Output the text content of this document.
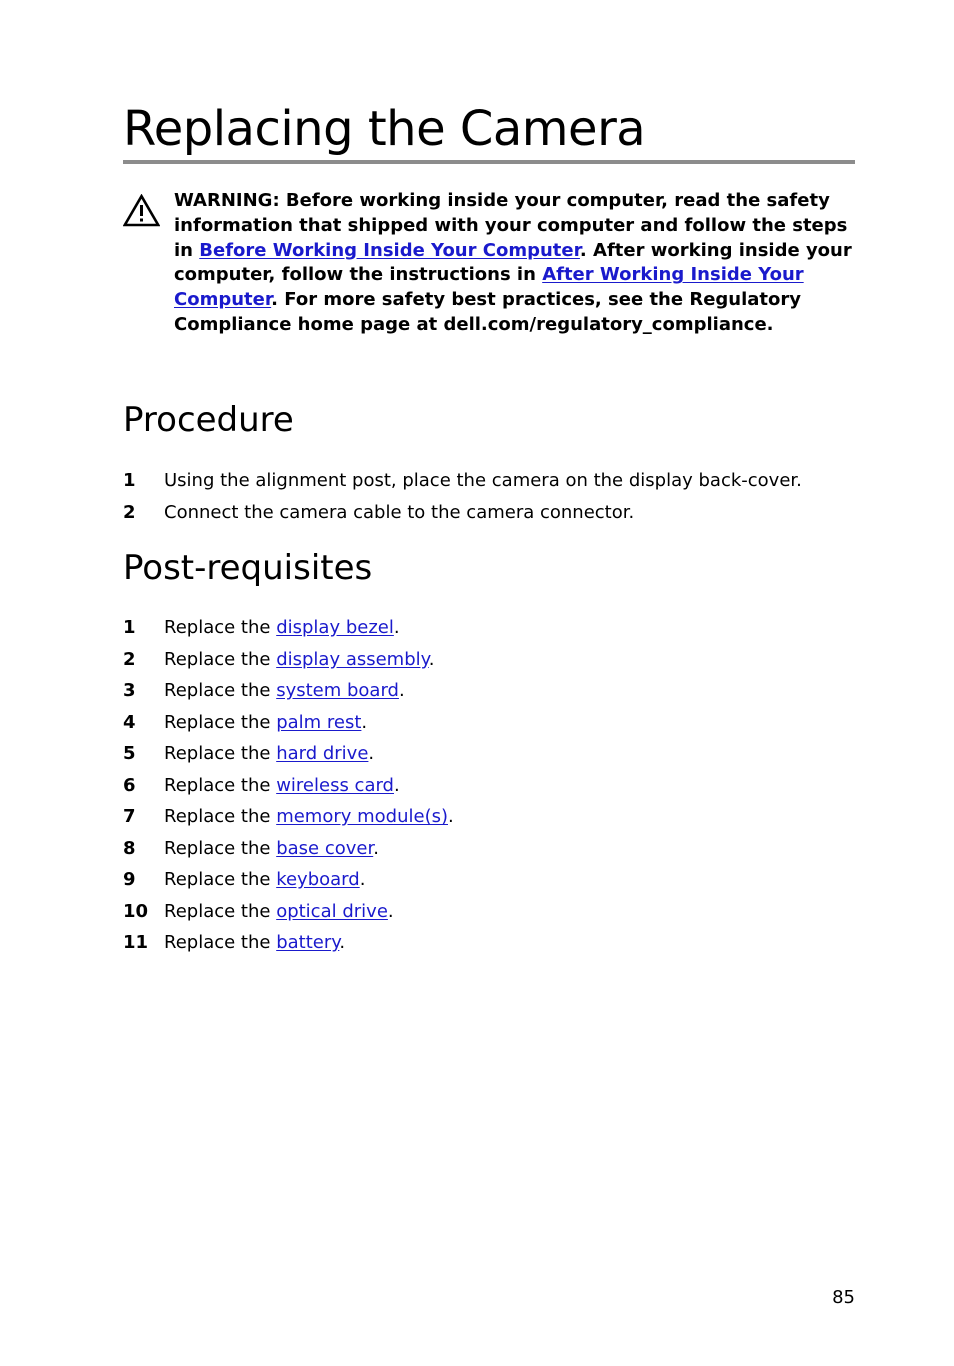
Replacing the Camera
WARNING: Before working inside your computer, read the safety information that shipped with your computer and follow the steps in Before Working Inside Your Computer. After working inside your computer, follow the instructions in After Working Inside Your Computer. For more safety best practices, see the Regulatory Compliance home page at dell.com/regulatory_compliance.
Procedure
1 Using the alignment post, place the camera on the display back-cover.
2 Connect the camera cable to the camera connector.
Post-requisites
1 Replace the display bezel.
2 Replace the display assembly.
3 Replace the system board.
4 Replace the palm rest.
5 Replace the hard drive.
6 Replace the wireless card.
7 Replace the memory module(s).
8 Replace the base cover.
9 Replace the keyboard.
10 Replace the optical drive.
11 Replace the battery.
85
